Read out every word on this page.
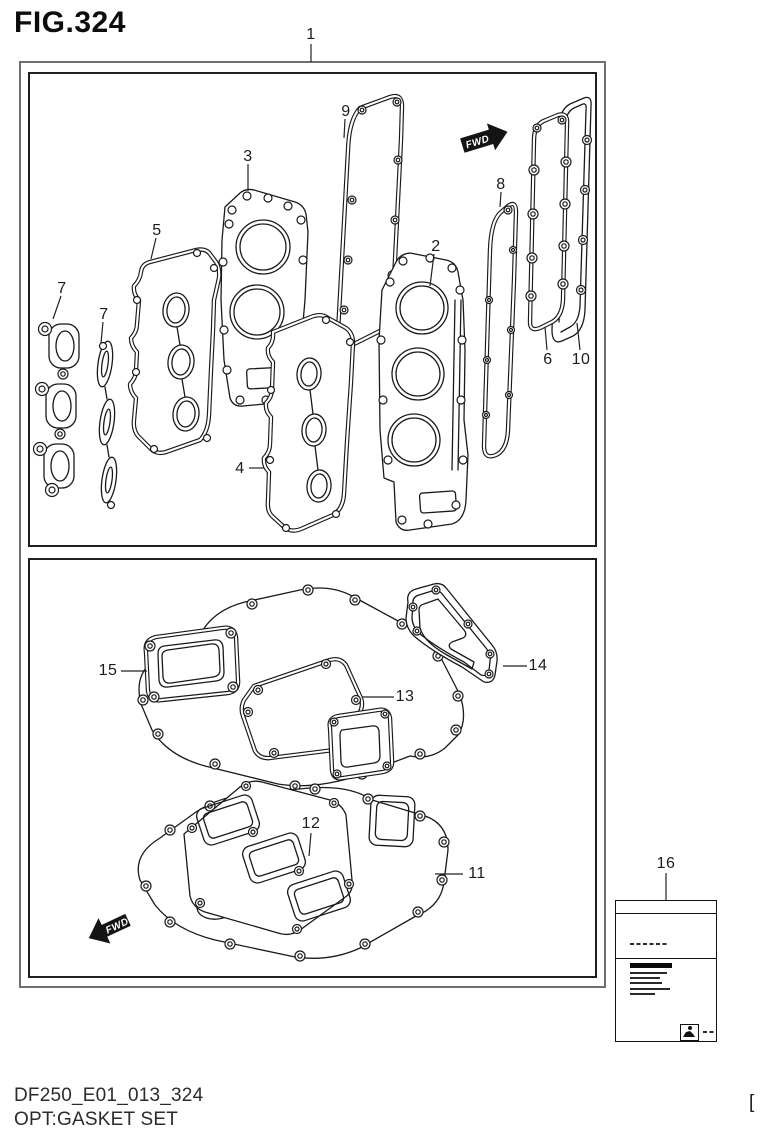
FIG.324
FWD
FWD
1
9
3
5
7
7
2
8
6 10
4
15
13
14
12
11
16
DF250_E01_013_324
OPT:GASKET SET
[
